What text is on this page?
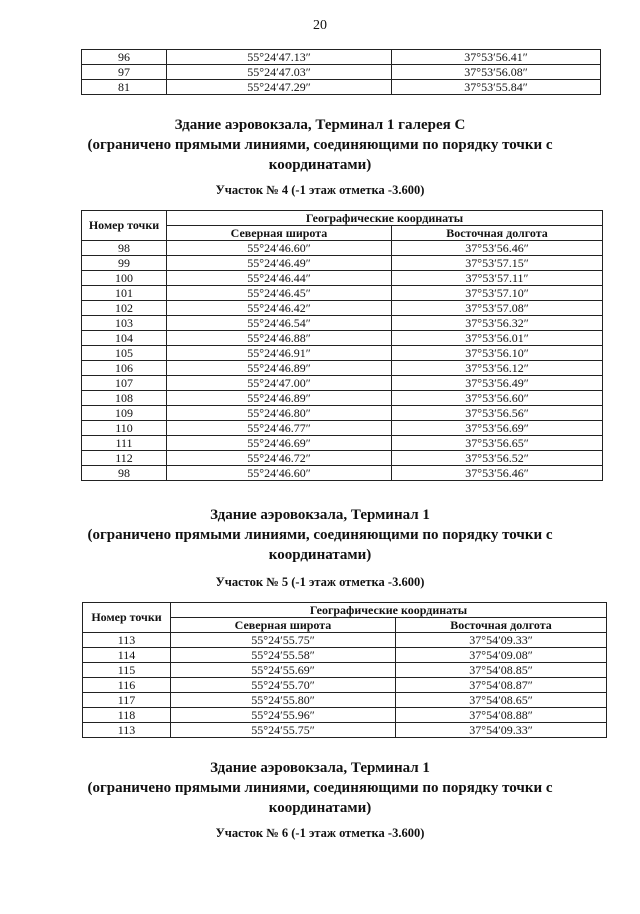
20
96	55°24′47.13″	37°53′56.41″
97	55°24′47.03″	37°53′56.08″
81	55°24′47.29″	37°53′55.84″
Здание аэровокзала, Терминал 1 галерея С
(ограничено прямыми линиями, соединяющими по порядку точки с
координатами)
Участок № 4 (-1 этаж отметка -3.600)
Номер точки	Географические координаты	
	Северная широта	Восточная долгота
98	55°24′46.60″	37°53′56.46″
99	55°24′46.49″	37°53′57.15″
100	55°24′46.44″	37°53′57.11″
101	55°24′46.45″	37°53′57.10″
102	55°24′46.42″	37°53′57.08″
103	55°24′46.54″	37°53′56.32″
104	55°24′46.88″	37°53′56.01″
105	55°24′46.91″	37°53′56.10″
106	55°24′46.89″	37°53′56.12″
107	55°24′47.00″	37°53′56.49″
108	55°24′46.89″	37°53′56.60″
109	55°24′46.80″	37°53′56.56″
110	55°24′46.77″	37°53′56.69″
111	55°24′46.69″	37°53′56.65″
112	55°24′46.72″	37°53′56.52″
98	55°24′46.60″	37°53′56.46″
Здание аэровокзала, Терминал 1
(ограничено прямыми линиями, соединяющими по порядку точки с
координатами)
Участок № 5 (-1 этаж отметка -3.600)
Номер точки	Географические координаты	
	Северная широта	Восточная долгота
113	55°24′55.75″	37°54′09.33″
114	55°24′55.58″	37°54′09.08″
115	55°24′55.69″	37°54′08.85″
116	55°24′55.70″	37°54′08.87″
117	55°24′55.80″	37°54′08.65″
118	55°24′55.96″	37°54′08.88″
113	55°24′55.75″	37°54′09.33″
Здание аэровокзала, Терминал 1
(ограничено прямыми линиями, соединяющими по порядку точки с
координатами)
Участок № 6 (-1 этаж отметка -3.600)
